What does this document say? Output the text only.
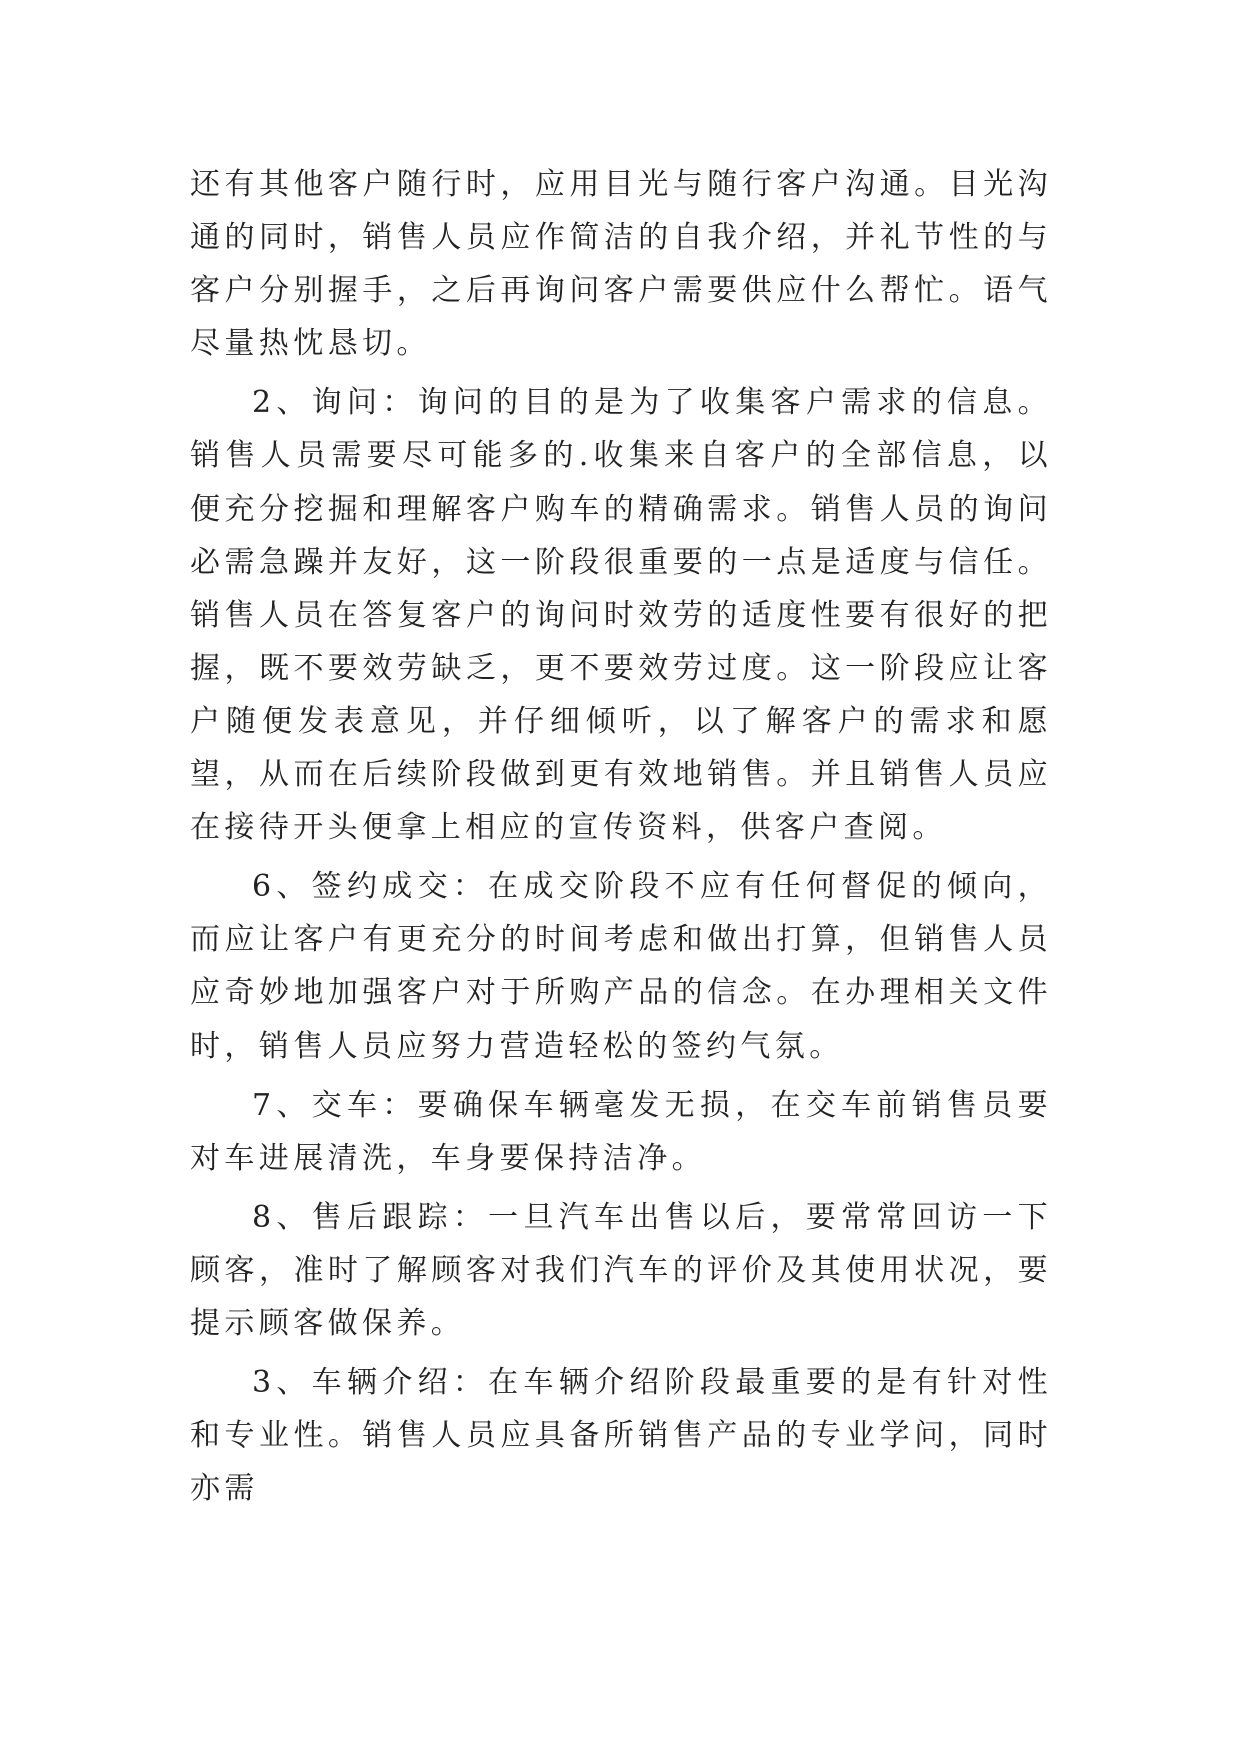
还有其他客户随行时，应用目光与随行客户沟通。目光沟通的同时，销售人员应作简洁的自我介绍，并礼节性的与客户分别握手，之后再询问客户需要供应什么帮忙。语气尽量热忱恳切。

2、询问：询问的目的是为了收集客户需求的信息。销售人员需要尽可能多的.收集来自客户的全部信息，以便充分挖掘和理解客户购车的精确需求。销售人员的询问必需急躁并友好，这一阶段很重要的一点是适度与信任。销售人员在答复客户的询问时效劳的适度性要有很好的把握，既不要效劳缺乏，更不要效劳过度。这一阶段应让客户随便发表意见，并仔细倾听，以了解客户的需求和愿望，从而在后续阶段做到更有效地销售。并且销售人员应在接待开头便拿上相应的宣传资料，供客户查阅。

6、签约成交：在成交阶段不应有任何督促的倾向，而应让客户有更充分的时间考虑和做出打算，但销售人员应奇妙地加强客户对于所购产品的信念。在办理相关文件时，销售人员应努力营造轻松的签约气氛。

7、交车：要确保车辆毫发无损，在交车前销售员要对车进展清洗，车身要保持洁净。

8、售后跟踪：一旦汽车出售以后，要常常回访一下顾客，准时了解顾客对我们汽车的评价及其使用状况，要提示顾客做保养。

3、车辆介绍：在车辆介绍阶段最重要的是有针对性和专业性。销售人员应具备所销售产品的专业学问，同时亦需
